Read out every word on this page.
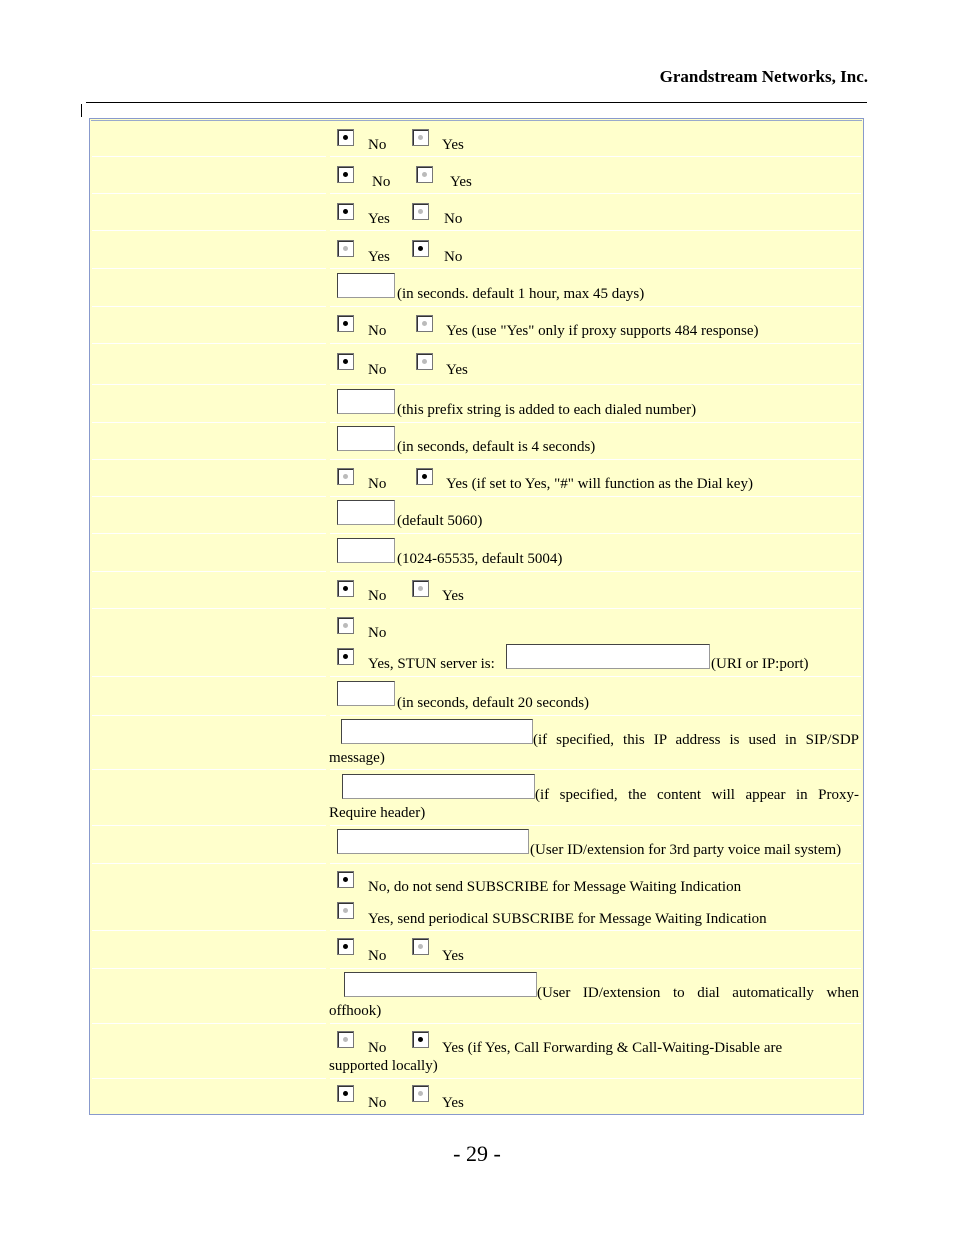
Grandstream Networks, Inc.
No	Yes
No	Yes
Yes	No
Yes	No
(in seconds. default 1 hour, max 45 days)
No	Yes (use "Yes" only if proxy supports 484 response)
No	Yes
(this prefix string is added to each dialed number)
(in seconds, default is 4 seconds)
No	Yes (if set to Yes, "#" will function as the Dial key)
(default 5060)
(1024-65535, default 5004)
No	Yes
No
Yes, STUN server is:	(URI or IP:port)
(in seconds, default 20 seconds)
(if specified, this IP address is used in SIP/SDP
message)
(if specified, the content will appear in Proxy-
Require header)
(User ID/extension for 3rd party voice mail system)
No, do not send SUBSCRIBE for Message Waiting Indication
Yes, send periodical SUBSCRIBE for Message Waiting Indication
No	Yes
(User ID/extension to dial automatically when
offhook)
No	Yes (if Yes, Call Forwarding & Call-Waiting-Disable are
supported locally)
No	Yes
- 29 -
